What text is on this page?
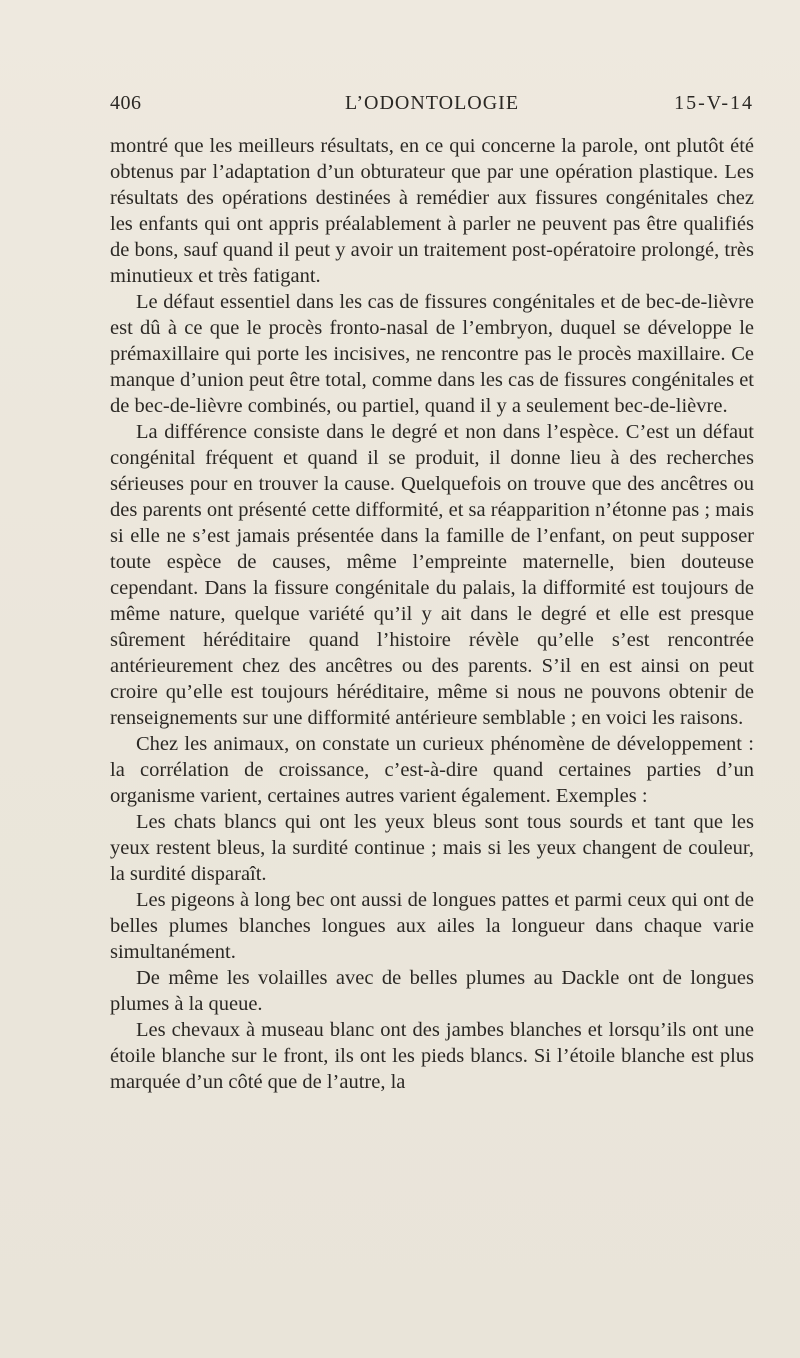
406	L’ODONTOLOGIE	15-V-14

montré que les meilleurs résultats, en ce qui concerne la parole, ont plutôt été obtenus par l’adaptation d’un obturateur que par une opération plastique. Les résultats des opérations destinées à remédier aux fissures congénitales chez les enfants qui ont appris préalablement à parler ne peuvent pas être qualifiés de bons, sauf quand il peut y avoir un traitement post-opératoire prolongé, très minutieux et très fatigant.

Le défaut essentiel dans les cas de fissures congénitales et de bec-de-lièvre est dû à ce que le procès fronto-nasal de l’embryon, duquel se développe le prémaxillaire qui porte les incisives, ne rencontre pas le procès maxillaire. Ce manque d’union peut être total, comme dans les cas de fissures congénitales et de bec-de-lièvre combinés, ou partiel, quand il y a seulement bec-de-lièvre.

La différence consiste dans le degré et non dans l’espèce. C’est un défaut congénital fréquent et quand il se produit, il donne lieu à des recherches sérieuses pour en trouver la cause. Quelquefois on trouve que des ancêtres ou des parents ont présenté cette difformité, et sa réapparition n’étonne pas ; mais si elle ne s’est jamais présentée dans la famille de l’enfant, on peut supposer toute espèce de causes, même l’empreinte maternelle, bien douteuse cependant. Dans la fissure congénitale du palais, la difformité est toujours de même nature, quelque variété qu’il y ait dans le degré et elle est presque sûrement héréditaire quand l’histoire révèle qu’elle s’est rencontrée antérieurement chez des ancêtres ou des parents. S’il en est ainsi on peut croire qu’elle est toujours héréditaire, même si nous ne pouvons obtenir de renseignements sur une difformité antérieure semblable ; en voici les raisons.

Chez les animaux, on constate un curieux phénomène de développement : la corrélation de croissance, c’est-à-dire quand certaines parties d’un organisme varient, certaines autres varient également. Exemples :

Les chats blancs qui ont les yeux bleus sont tous sourds et tant que les yeux restent bleus, la surdité continue ; mais si les yeux changent de couleur, la surdité disparaît.

Les pigeons à long bec ont aussi de longues pattes et parmi ceux qui ont de belles plumes blanches longues aux ailes la longueur dans chaque varie simultanément.

De même les volailles avec de belles plumes au Dackle ont de longues plumes à la queue.

Les chevaux à museau blanc ont des jambes blanches et lorsqu’ils ont une étoile blanche sur le front, ils ont les pieds blancs. Si l’étoile blanche est plus marquée d’un côté que de l’autre, la
